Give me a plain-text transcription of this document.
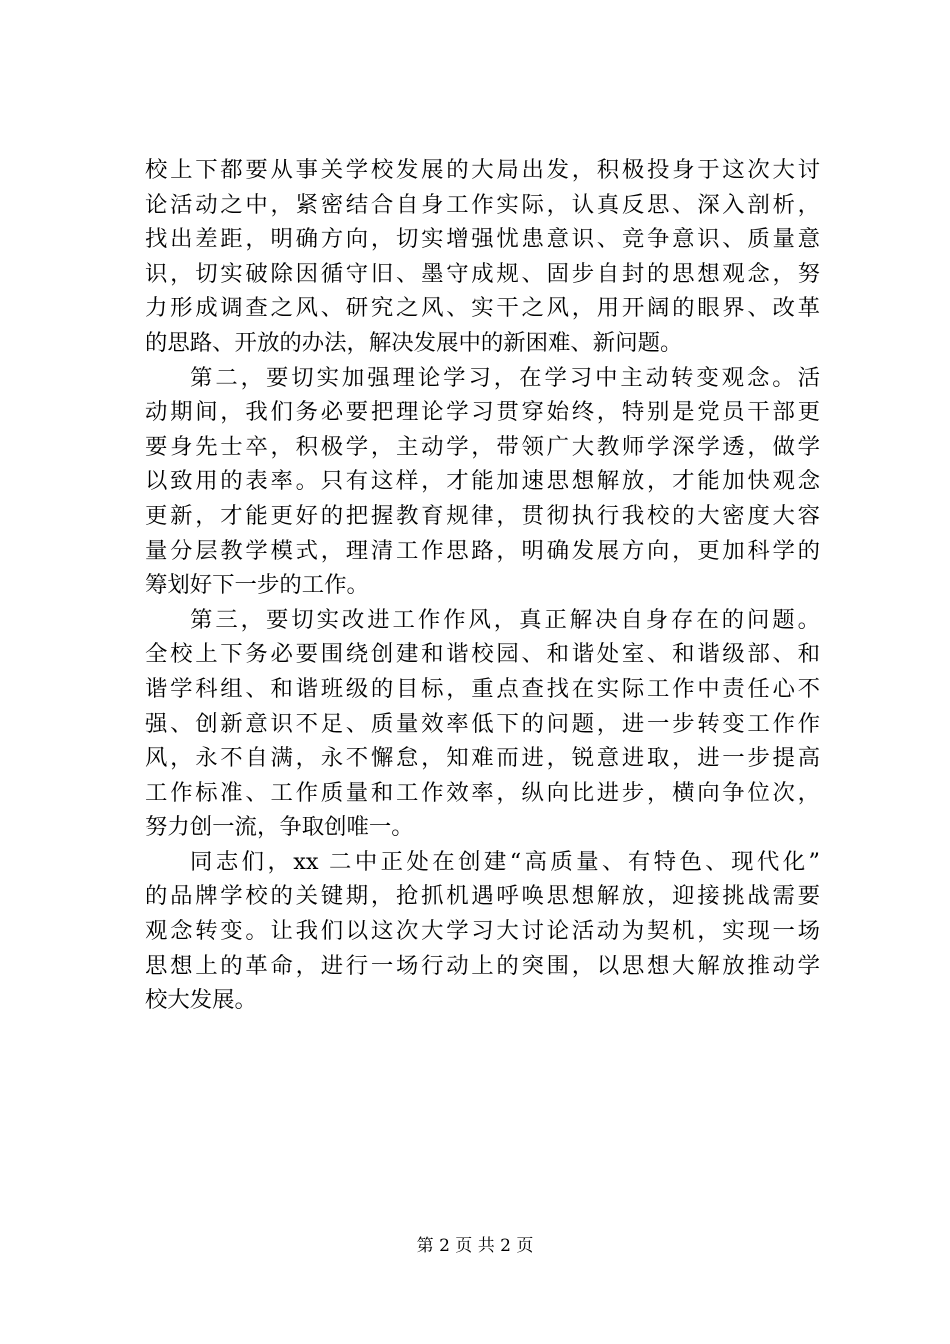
校上下都要从事关学校发展的大局出发，积极投身于这次大讨
论活动之中，紧密结合自身工作实际，认真反思、深入剖析，
找出差距，明确方向，切实增强忧患意识、竞争意识、质量意
识，切实破除因循守旧、墨守成规、固步自封的思想观念，努
力形成调查之风、研究之风、实干之风，用开阔的眼界、改革
的思路、开放的办法，解决发展中的新困难、新问题。
第二，要切实加强理论学习，在学习中主动转变观念。活
动期间，我们务必要把理论学习贯穿始终，特别是党员干部更
要身先士卒，积极学，主动学，带领广大教师学深学透，做学
以致用的表率。只有这样，才能加速思想解放，才能加快观念
更新，才能更好的把握教育规律，贯彻执行我校的大密度大容
量分层教学模式，理清工作思路，明确发展方向，更加科学的
筹划好下一步的工作。
第三，要切实改进工作作风，真正解决自身存在的问题。
全校上下务必要围绕创建和谐校园、和谐处室、和谐级部、和
谐学科组、和谐班级的目标，重点查找在实际工作中责任心不
强、创新意识不足、质量效率低下的问题，进一步转变工作作
风，永不自满，永不懈怠，知难而进，锐意进取，进一步提高
工作标准、工作质量和工作效率，纵向比进步，横向争位次，
努力创一流，争取创唯一。
同志们，xx 二中正处在创建“高质量、有特色、现代化”
的品牌学校的关键期，抢抓机遇呼唤思想解放，迎接挑战需要
观念转变。让我们以这次大学习大讨论活动为契机，实现一场
思想上的革命，进行一场行动上的突围，以思想大解放推动学
校大发展。
第 2 页 共 2 页
